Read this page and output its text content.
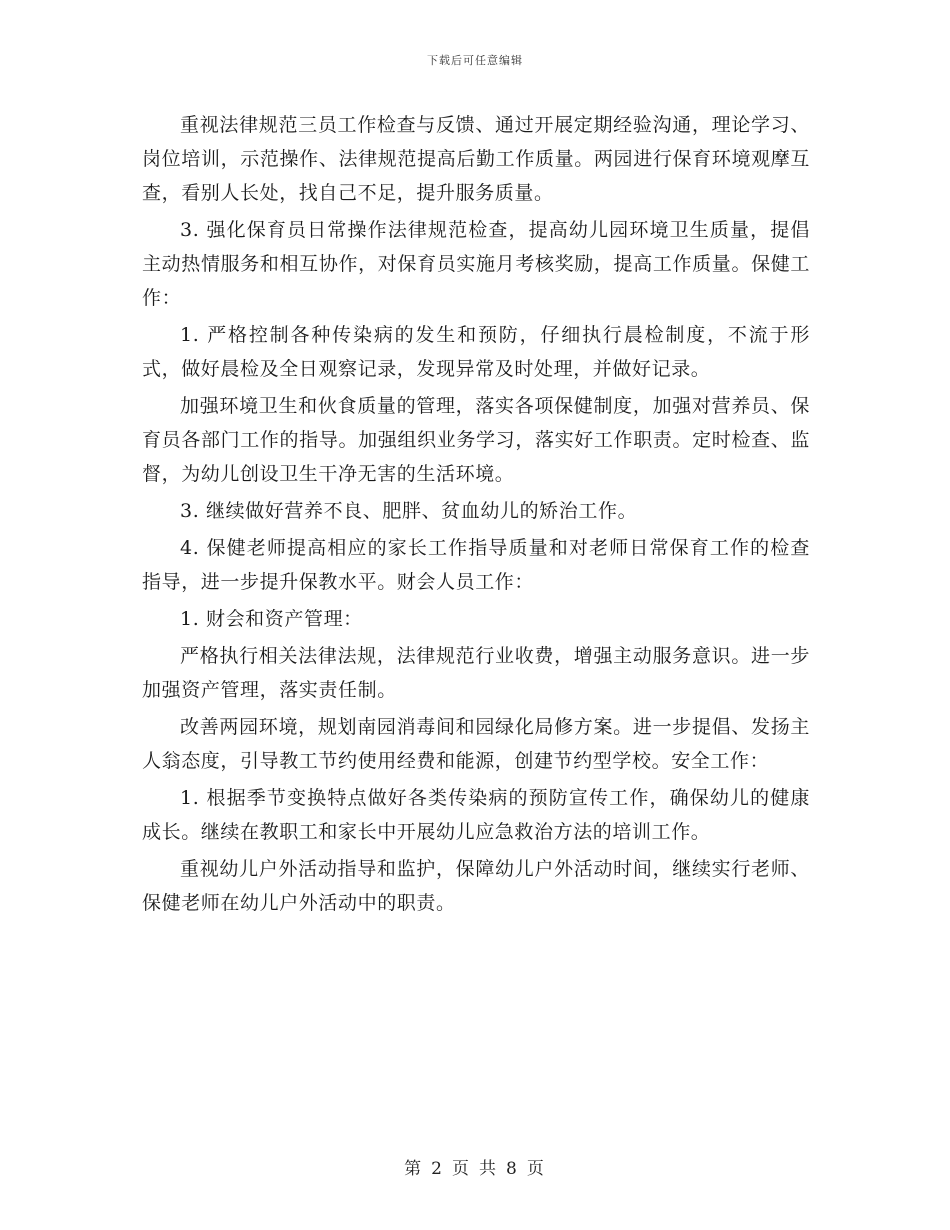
下载后可任意编辑

重视法律规范三员工作检查与反馈、通过开展定期经验沟通，理论学习、岗位培训，示范操作、法律规范提高后勤工作质量。两园进行保育环境观摩互查，看别人长处，找自己不足，提升服务质量。

3. 强化保育员日常操作法律规范检查，提高幼儿园环境卫生质量，提倡主动热情服务和相互协作，对保育员实施月考核奖励，提高工作质量。保健工作：

1. 严格控制各种传染病的发生和预防，仔细执行晨检制度，不流于形式，做好晨检及全日观察记录，发现异常及时处理，并做好记录。

加强环境卫生和伙食质量的管理，落实各项保健制度，加强对营养员、保育员各部门工作的指导。加强组织业务学习，落实好工作职责。定时检查、监督，为幼儿创设卫生干净无害的生活环境。

3. 继续做好营养不良、肥胖、贫血幼儿的矫治工作。

4. 保健老师提高相应的家长工作指导质量和对老师日常保育工作的检查指导，进一步提升保教水平。财会人员工作：

1. 财会和资产管理：

严格执行相关法律法规，法律规范行业收费，增强主动服务意识。进一步加强资产管理，落实责任制。

改善两园环境，规划南园消毒间和园绿化局修方案。进一步提倡、发扬主人翁态度，引导教工节约使用经费和能源，创建节约型学校。安全工作：

1. 根据季节变换特点做好各类传染病的预防宣传工作，确保幼儿的健康成长。继续在教职工和家长中开展幼儿应急救治方法的培训工作。

重视幼儿户外活动指导和监护，保障幼儿户外活动时间，继续实行老师、保健老师在幼儿户外活动中的职责。

第 2 页 共 8 页
